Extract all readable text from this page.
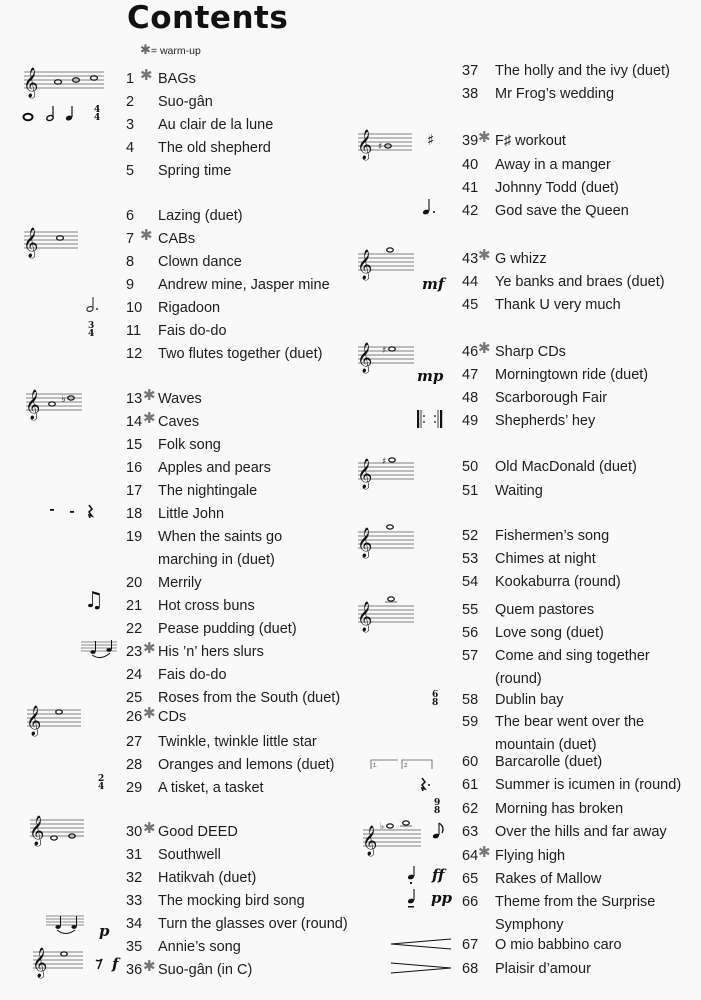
Contents
✱= warm-up
1 ✱ BAGs
2 Suo-gân
3 Au clair de la lune
4 The old shepherd
5 Spring time
6 Lazing (duet)
7 ✱ CABs
8 Clown dance
9 Andrew mine, Jasper mine
10 Rigadoon
11 Fais do-do
12 Two flutes together (duet)
13 ✱ Waves
14 ✱ Caves
15 Folk song
16 Apples and pears
17 The nightingale
18 Little John
19 When the saints go
marching in (duet)
20 Merrily
21 Hot cross buns
22 Pease pudding (duet)
23 ✱ His ’n’ hers slurs
24 Fais do-do
25 Roses from the South (duet)
26 ✱ CDs
27 Twinkle, twinkle little star
28 Oranges and lemons (duet)
29 A tisket, a tasket
30 ✱ Good DEED
31 Southwell
32 Hatikvah (duet)
33 The mocking bird song
34 Turn the glasses over (round)
35 Annie’s song
36 ✱ Suo-gân (in C)
37 The holly and the ivy (duet)
38 Mr Frog’s wedding
39 ✱ F♯ workout
40 Away in a manger
41 Johnny Todd (duet)
42 God save the Queen
43 ✱ G whizz
44 Ye banks and braes (duet)
45 Thank U very much
46 ✱ Sharp CDs
47 Morningtown ride (duet)
48 Scarborough Fair
49 Shepherds’ hey
50 Old MacDonald (duet)
51 Waiting
52 Fishermen’s song
53 Chimes at night
54 Kookaburra (round)
55 Quem pastores
56 Love song (duet)
57 Come and sing together
(round)
58 Dublin bay
59 The bear went over the
mountain (duet)
60 Barcarolle (duet)
61 Summer is icumen in (round)
62 Morning has broken
63 Over the hills and far away
64 ✱ Flying high
65 Rakes of Mallow
66 Theme from the Surprise
Symphony
67 O mio babbino caro
68 Plaisir d’amour
𝄞
4
4
𝄞
3
4
𝄞 ♭
♫
𝄞
2
4
𝄞
p
𝄞	f
𝄞 ♯	♯
𝄞
mf
𝄞 ♯
mp
𝄞 ♯
𝄞
𝄞
6
8
1.	2.
9
8
𝄞 ♭
ff
pp
